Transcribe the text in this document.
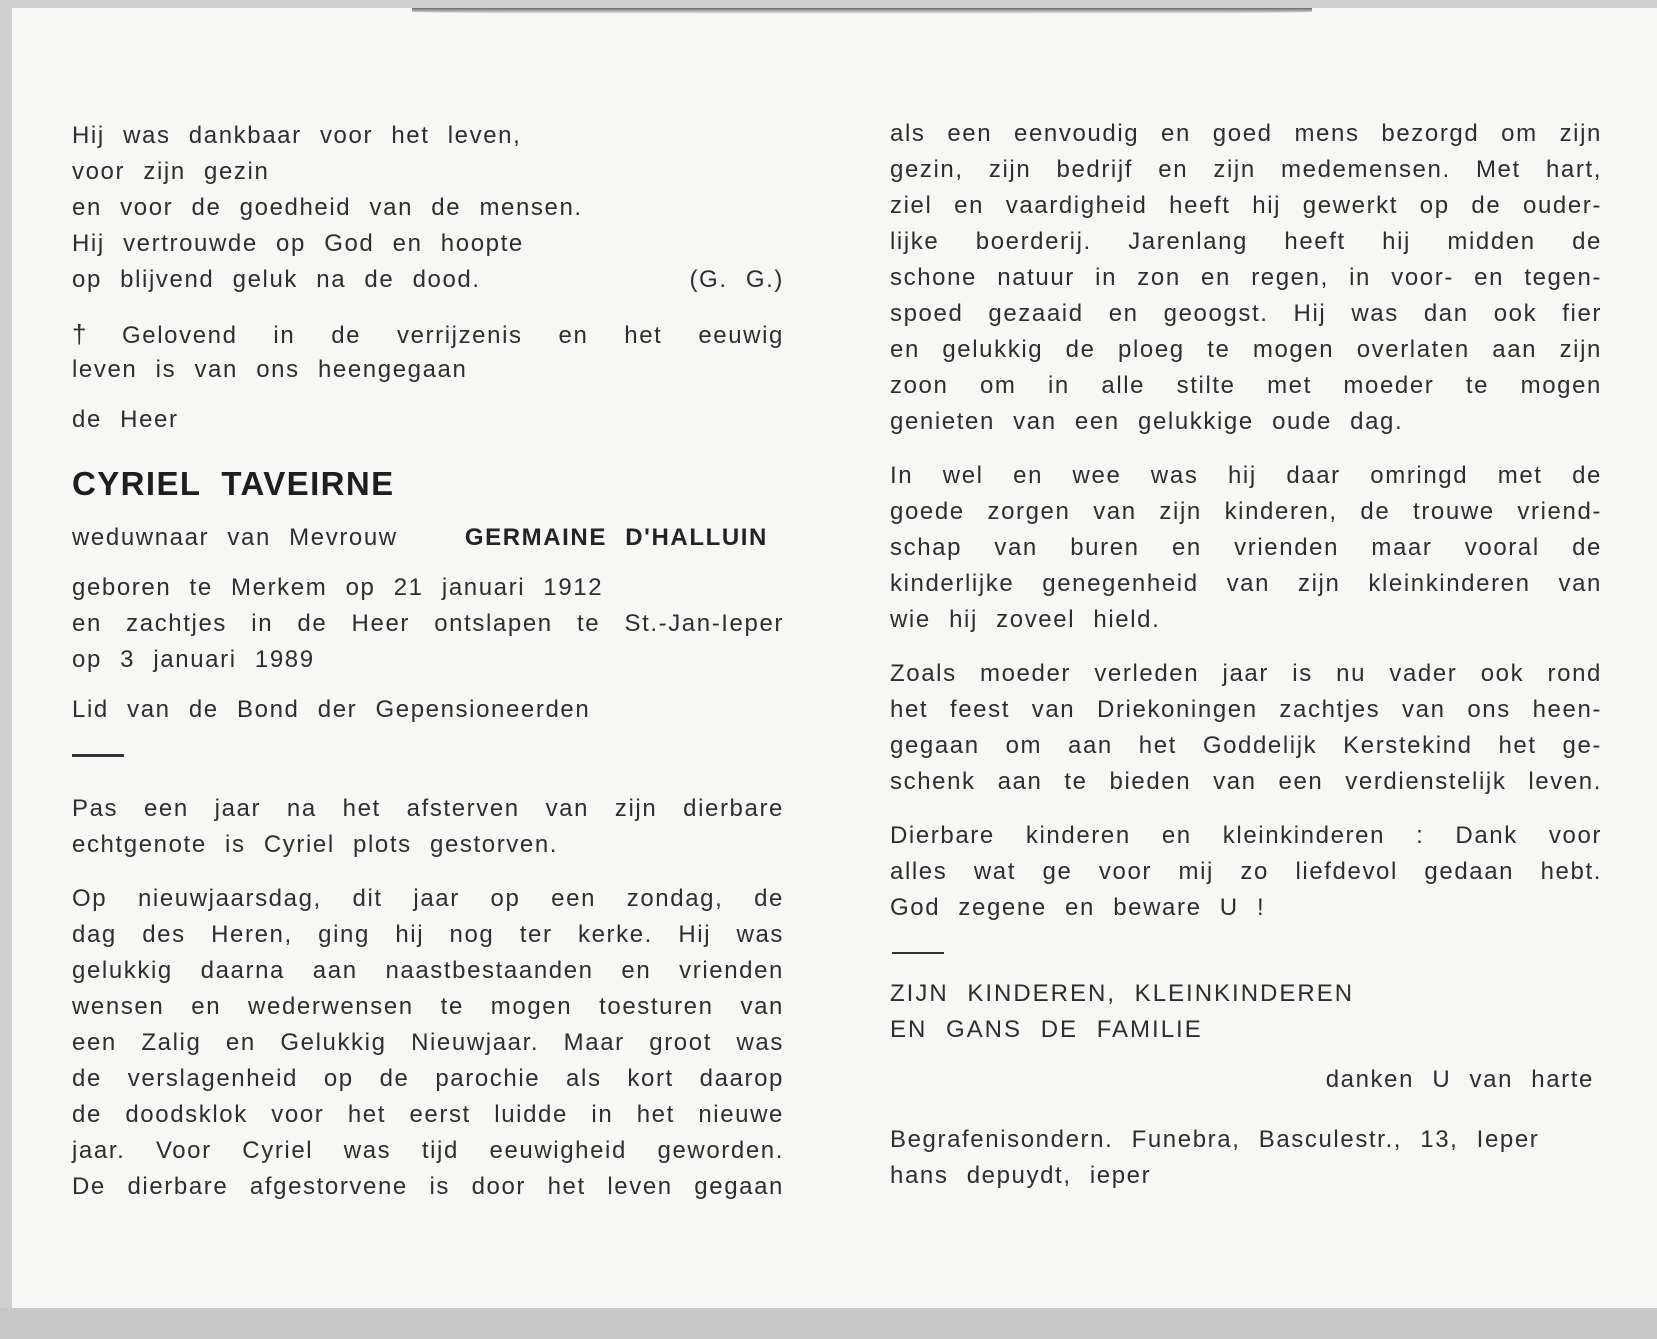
Hij was dankbaar voor het leven,
voor zijn gezin
en voor de goedheid van de mensen.
Hij vertrouwde op God en hoopte
op blijvend geluk na de dood.	(G. G.)
† Gelovend in de verrijzenis en het eeuwig
leven is van ons heengegaan
de Heer
CYRIEL TAVEIRNE
weduwnaar van Mevrouw	GERMAINE D'HALLUIN
geboren te Merkem op 21 januari 1912
en zachtjes in de Heer ontslapen te St.-Jan-Ieper
op 3 januari 1989
Lid van de Bond der Gepensioneerden
Pas een jaar na het afsterven van zijn dierbare
echtgenote is Cyriel plots gestorven.
Op nieuwjaarsdag, dit jaar op een zondag, de
dag des Heren, ging hij nog ter kerke. Hij was
gelukkig daarna aan naastbestaanden en vrienden
wensen en wederwensen te mogen toesturen van
een Zalig en Gelukkig Nieuwjaar. Maar groot was
de verslagenheid op de parochie als kort daarop
de doodsklok voor het eerst luidde in het nieuwe
jaar. Voor Cyriel was tijd eeuwigheid geworden.
De dierbare afgestorvene is door het leven gegaan
als een eenvoudig en goed mens bezorgd om zijn
gezin, zijn bedrijf en zijn medemensen. Met hart,
ziel en vaardigheid heeft hij gewerkt op de ouder-
lijke boerderij. Jarenlang heeft hij midden de
schone natuur in zon en regen, in voor- en tegen-
spoed gezaaid en geoogst. Hij was dan ook fier
en gelukkig de ploeg te mogen overlaten aan zijn
zoon om in alle stilte met moeder te mogen
genieten van een gelukkige oude dag.
In wel en wee was hij daar omringd met de
goede zorgen van zijn kinderen, de trouwe vriend-
schap van buren en vrienden maar vooral de
kinderlijke genegenheid van zijn kleinkinderen van
wie hij zoveel hield.
Zoals moeder verleden jaar is nu vader ook rond
het feest van Driekoningen zachtjes van ons heen-
gegaan om aan het Goddelijk Kerstekind het ge-
schenk aan te bieden van een verdienstelijk leven.
Dierbare kinderen en kleinkinderen : Dank voor
alles wat ge voor mij zo liefdevol gedaan hebt.
God zegene en beware U !
ZIJN KINDEREN, KLEINKINDEREN
EN GANS DE FAMILIE
danken U van harte
Begrafenisondern. Funebra, Basculestr., 13, Ieper
hans depuydt, ieper
